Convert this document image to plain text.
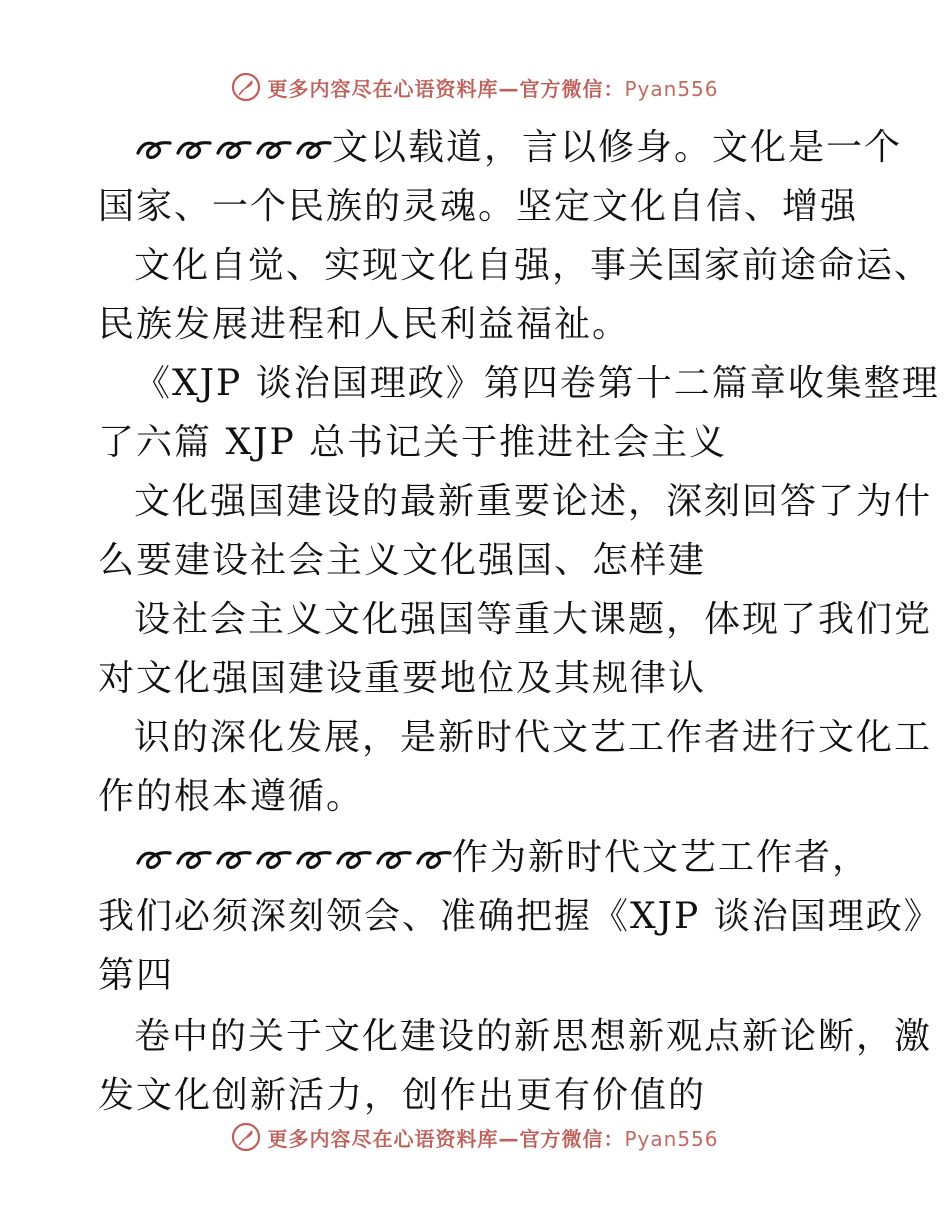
更多内容尽在心语资料库—官方微信：Pyan556
文以载道，言以修身。文化是一个
国家、一个民族的灵魂。坚定文化自信、增强
文化自觉、实现文化自强，事关国家前途命运、
民族发展进程和人民利益福祉。
《XJP 谈治国理政》第四卷第十二篇章收集整理
了六篇 XJP 总书记关于推进社会主义
文化强国建设的最新重要论述，深刻回答了为什
么要建设社会主义文化强国、怎样建
设社会主义文化强国等重大课题，体现了我们党
对文化强国建设重要地位及其规律认
识的深化发展，是新时代文艺工作者进行文化工
作的根本遵循。
作为新时代文艺工作者，
我们必须深刻领会、准确把握《XJP 谈治国理政》
第四
卷中的关于文化建设的新思想新观点新论断，激
发文化创新活力，创作出更有价值的
更多内容尽在心语资料库—官方微信：Pyan556
